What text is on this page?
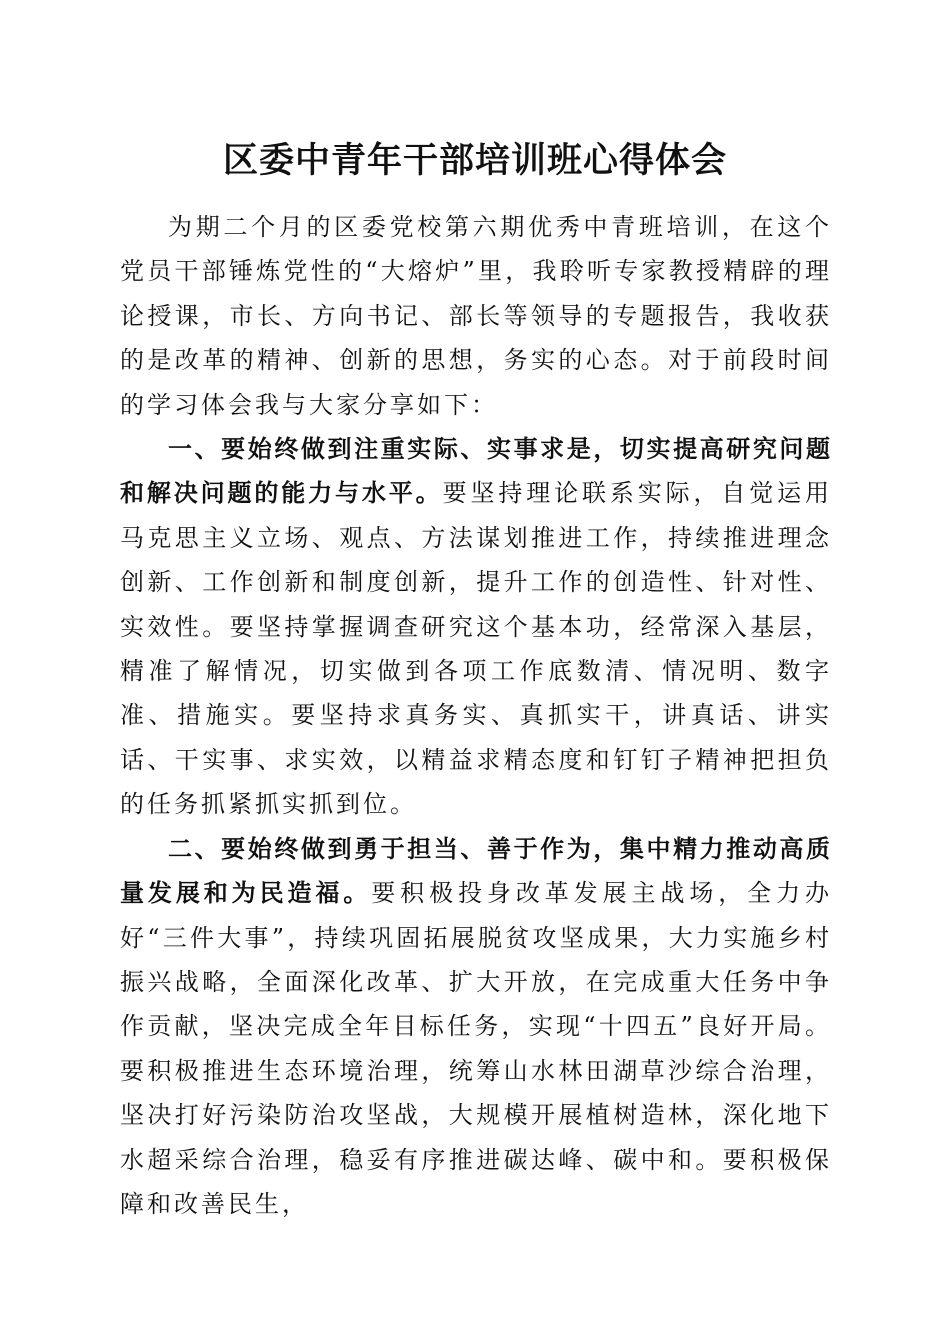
区委中青年干部培训班心得体会

为期二个月的区委党校第六期优秀中青班培训，在这个党员干部锤炼党性的“大熔炉”里，我聆听专家教授精辟的理论授课，市长、方向书记、部长等领导的专题报告，我收获的是改革的精神、创新的思想，务实的心态。对于前段时间的学习体会我与大家分享如下：

一、要始终做到注重实际、实事求是，切实提高研究问题和解决问题的能力与水平。要坚持理论联系实际，自觉运用马克思主义立场、观点、方法谋划推进工作，持续推进理念创新、工作创新和制度创新，提升工作的创造性、针对性、实效性。要坚持掌握调查研究这个基本功，经常深入基层，精准了解情况，切实做到各项工作底数清、情况明、数字准、措施实。要坚持求真务实、真抓实干，讲真话、讲实话、干实事、求实效，以精益求精态度和钉钉子精神把担负的任务抓紧抓实抓到位。

二、要始终做到勇于担当、善于作为，集中精力推动高质量发展和为民造福。要积极投身改革发展主战场，全力办好“三件大事”，持续巩固拓展脱贫攻坚成果，大力实施乡村振兴战略，全面深化改革、扩大开放，在完成重大任务中争作贡献，坚决完成全年目标任务，实现“十四五”良好开局。要积极推进生态环境治理，统筹山水林田湖草沙综合治理，坚决打好污染防治攻坚战，大规模开展植树造林，深化地下水超采综合治理，稳妥有序推进碳达峰、碳中和。要积极保障和改善民生，
